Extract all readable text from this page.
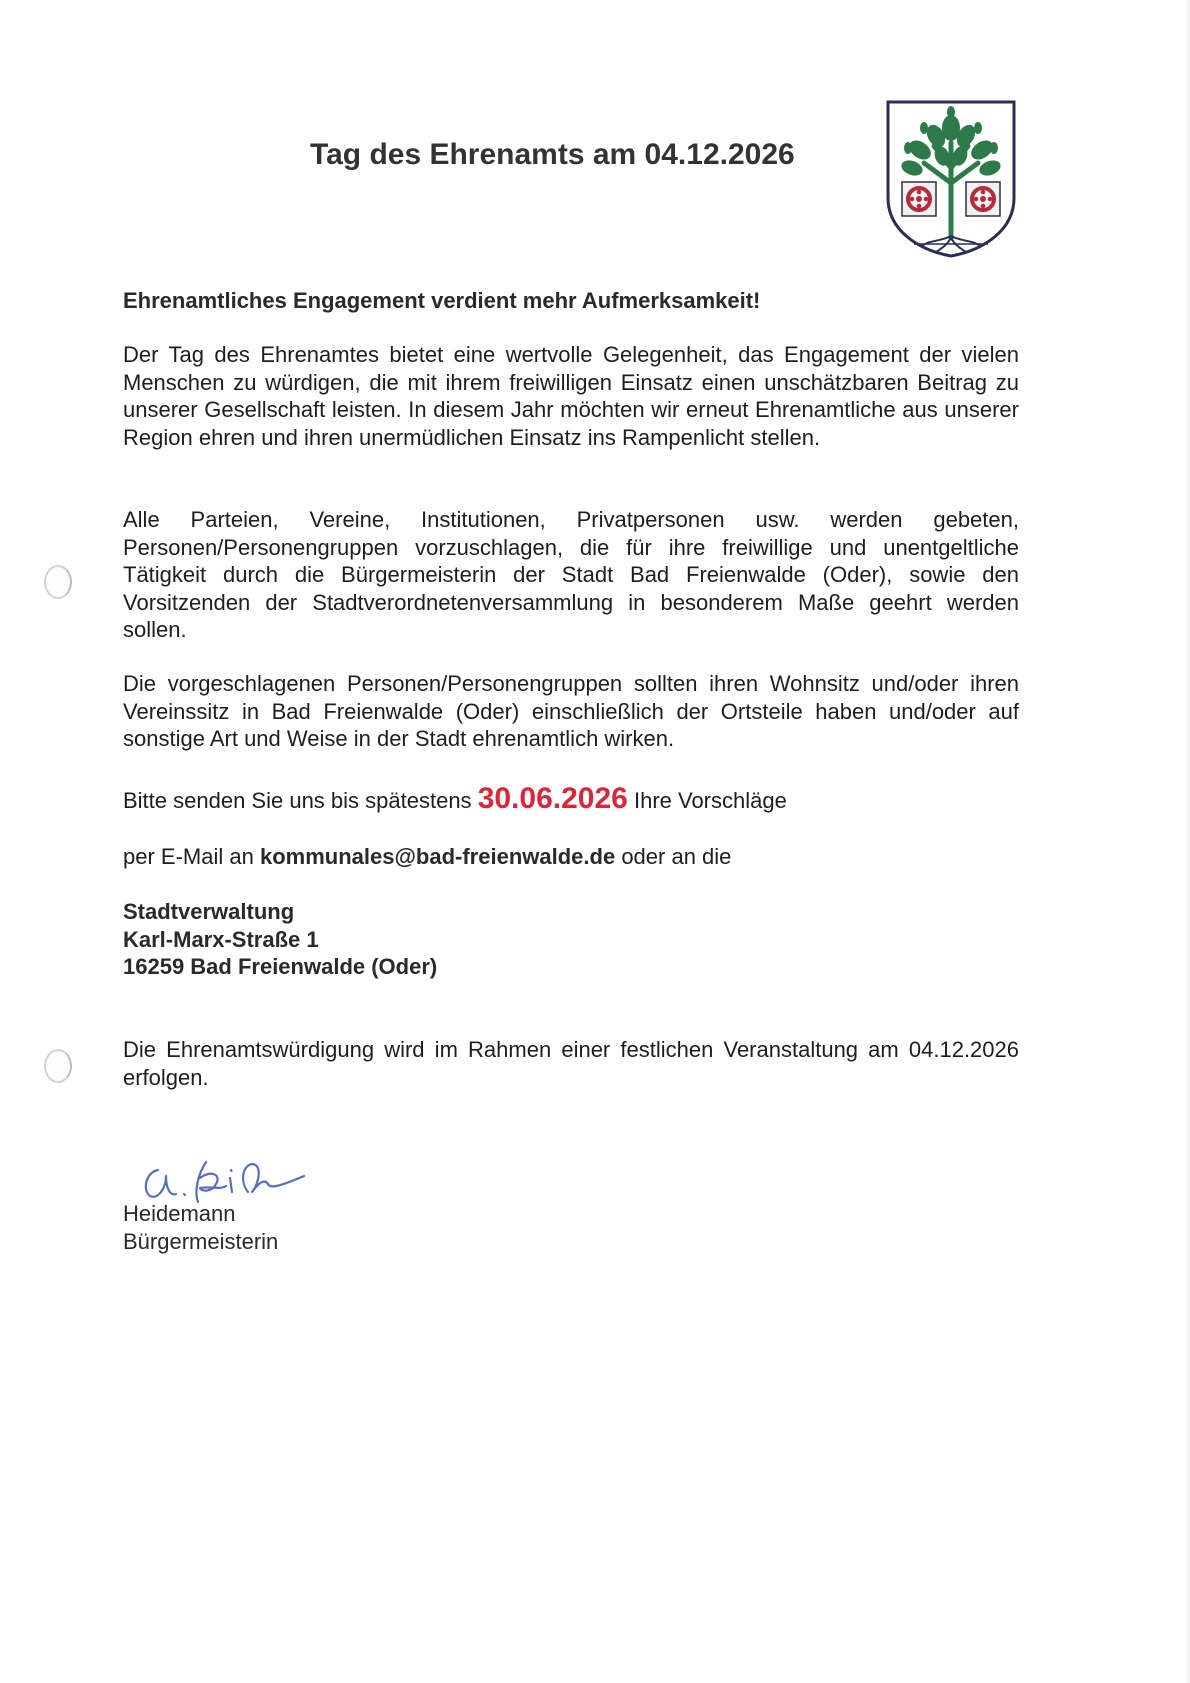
Tag des Ehrenamts am 04.12.2026

Ehrenamtliches Engagement verdient mehr Aufmerksamkeit!

Der Tag des Ehrenamtes bietet eine wertvolle Gelegenheit, das Engagement der vielen Menschen zu würdigen, die mit ihrem freiwilligen Einsatz einen unschätzbaren Beitrag zu unserer Gesellschaft leisten. In diesem Jahr möchten wir erneut Ehrenamtliche aus unserer Region ehren und ihren unermüdlichen Einsatz ins Rampenlicht stellen.

Alle Parteien, Vereine, Institutionen, Privatpersonen usw. werden gebeten, Personen/Personengruppen vorzuschlagen, die für ihre freiwillige und unentgeltliche Tätigkeit durch die Bürgermeisterin der Stadt Bad Freienwalde (Oder), sowie den Vorsitzenden der Stadtverordnetenversammlung in besonderem Maße geehrt werden sollen.

Die vorgeschlagenen Personen/Personengruppen sollten ihren Wohnsitz und/oder ihren Vereinssitz in Bad Freienwalde (Oder) einschließlich der Ortsteile haben und/oder auf sonstige Art und Weise in der Stadt ehrenamtlich wirken.

Bitte senden Sie uns bis spätestens 30.06.2026 Ihre Vorschläge

per E-Mail an kommunales@bad-freienwalde.de oder an die

Stadtverwaltung
Karl-Marx-Straße 1
16259 Bad Freienwalde (Oder)

Die Ehrenamtswürdigung wird im Rahmen einer festlichen Veranstaltung am 04.12.2026 erfolgen.

Heidemann
Bürgermeisterin
